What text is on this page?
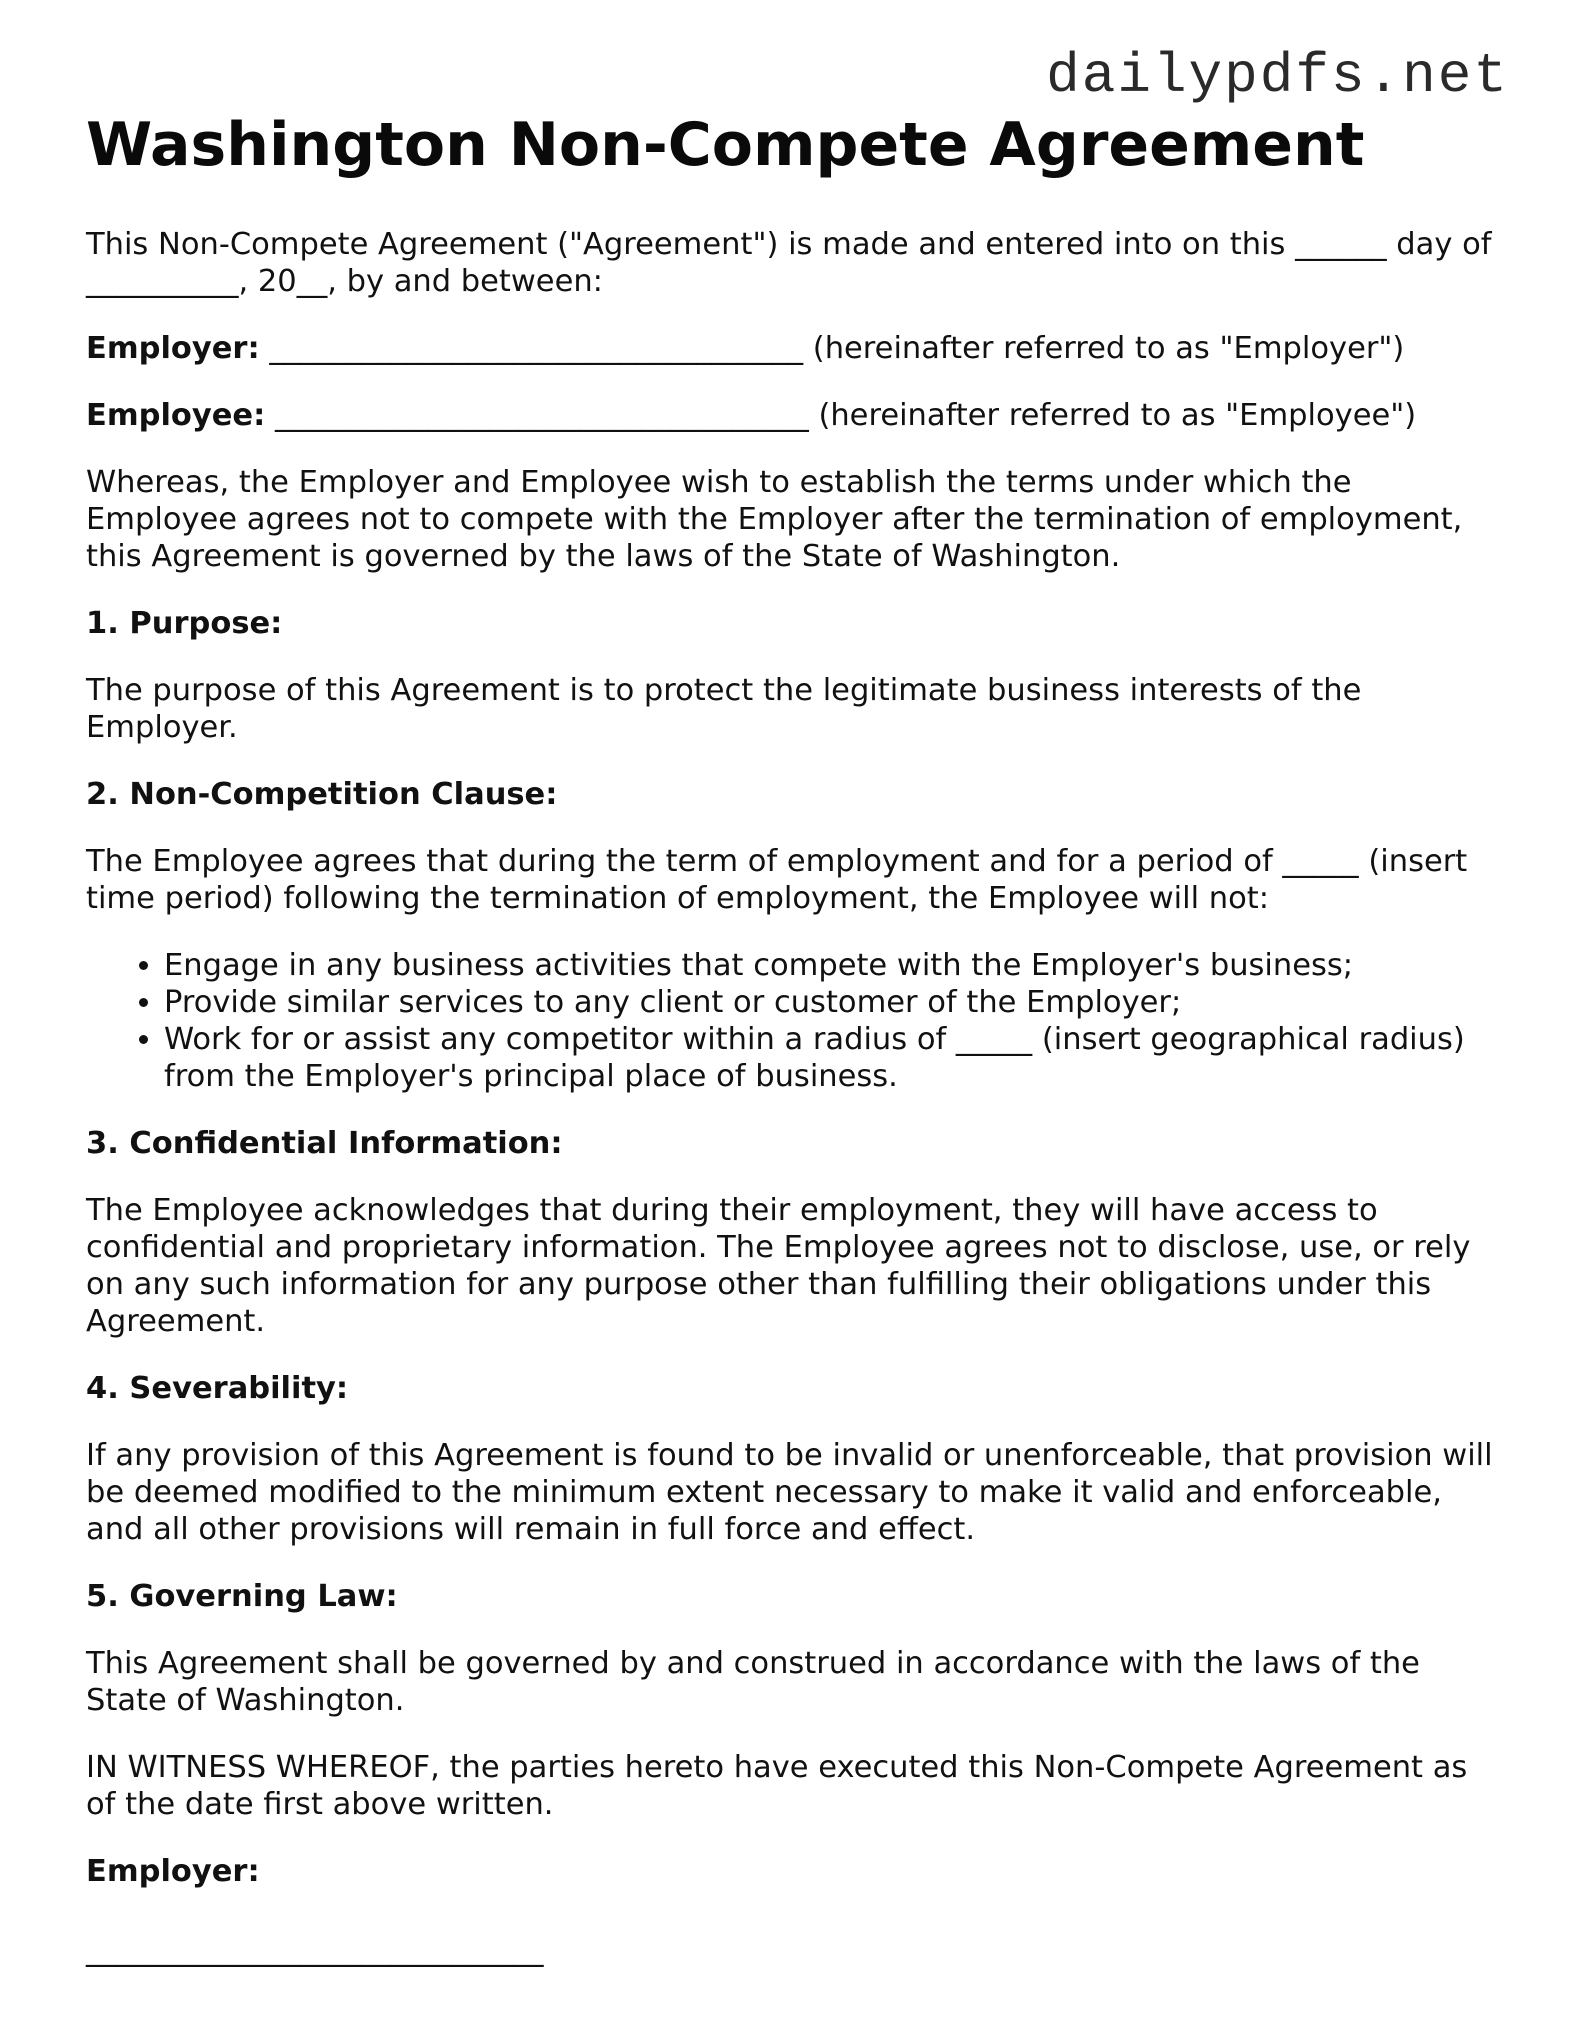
dailypdfs.net
Washington Non-Compete Agreement

This Non-Compete Agreement ("Agreement") is made and entered into on this ______ day of __________, 20__, by and between:

Employer: ___________________________________ (hereinafter referred to as "Employer")

Employee: ___________________________________ (hereinafter referred to as "Employee")

Whereas, the Employer and Employee wish to establish the terms under which the Employee agrees not to compete with the Employer after the termination of employment, this Agreement is governed by the laws of the State of Washington.

1. Purpose:

The purpose of this Agreement is to protect the legitimate business interests of the Employer.

2. Non-Competition Clause:

The Employee agrees that during the term of employment and for a period of _____ (insert time period) following the termination of employment, the Employee will not:

• Engage in any business activities that compete with the Employer's business;
• Provide similar services to any client or customer of the Employer;
• Work for or assist any competitor within a radius of _____ (insert geographical radius) from the Employer's principal place of business.
3. Confidential Information:

The Employee acknowledges that during their employment, they will have access to confidential and proprietary information. The Employee agrees not to disclose, use, or rely on any such information for any purpose other than fulfilling their obligations under this Agreement.

4. Severability:

If any provision of this Agreement is found to be invalid or unenforceable, that provision will be deemed modified to the minimum extent necessary to make it valid and enforceable, and all other provisions will remain in full force and effect.

5. Governing Law:

This Agreement shall be governed by and construed in accordance with the laws of the State of Washington.

IN WITNESS WHEREOF, the parties hereto have executed this Non-Compete Agreement as of the date first above written.

Employer:

______________________________
